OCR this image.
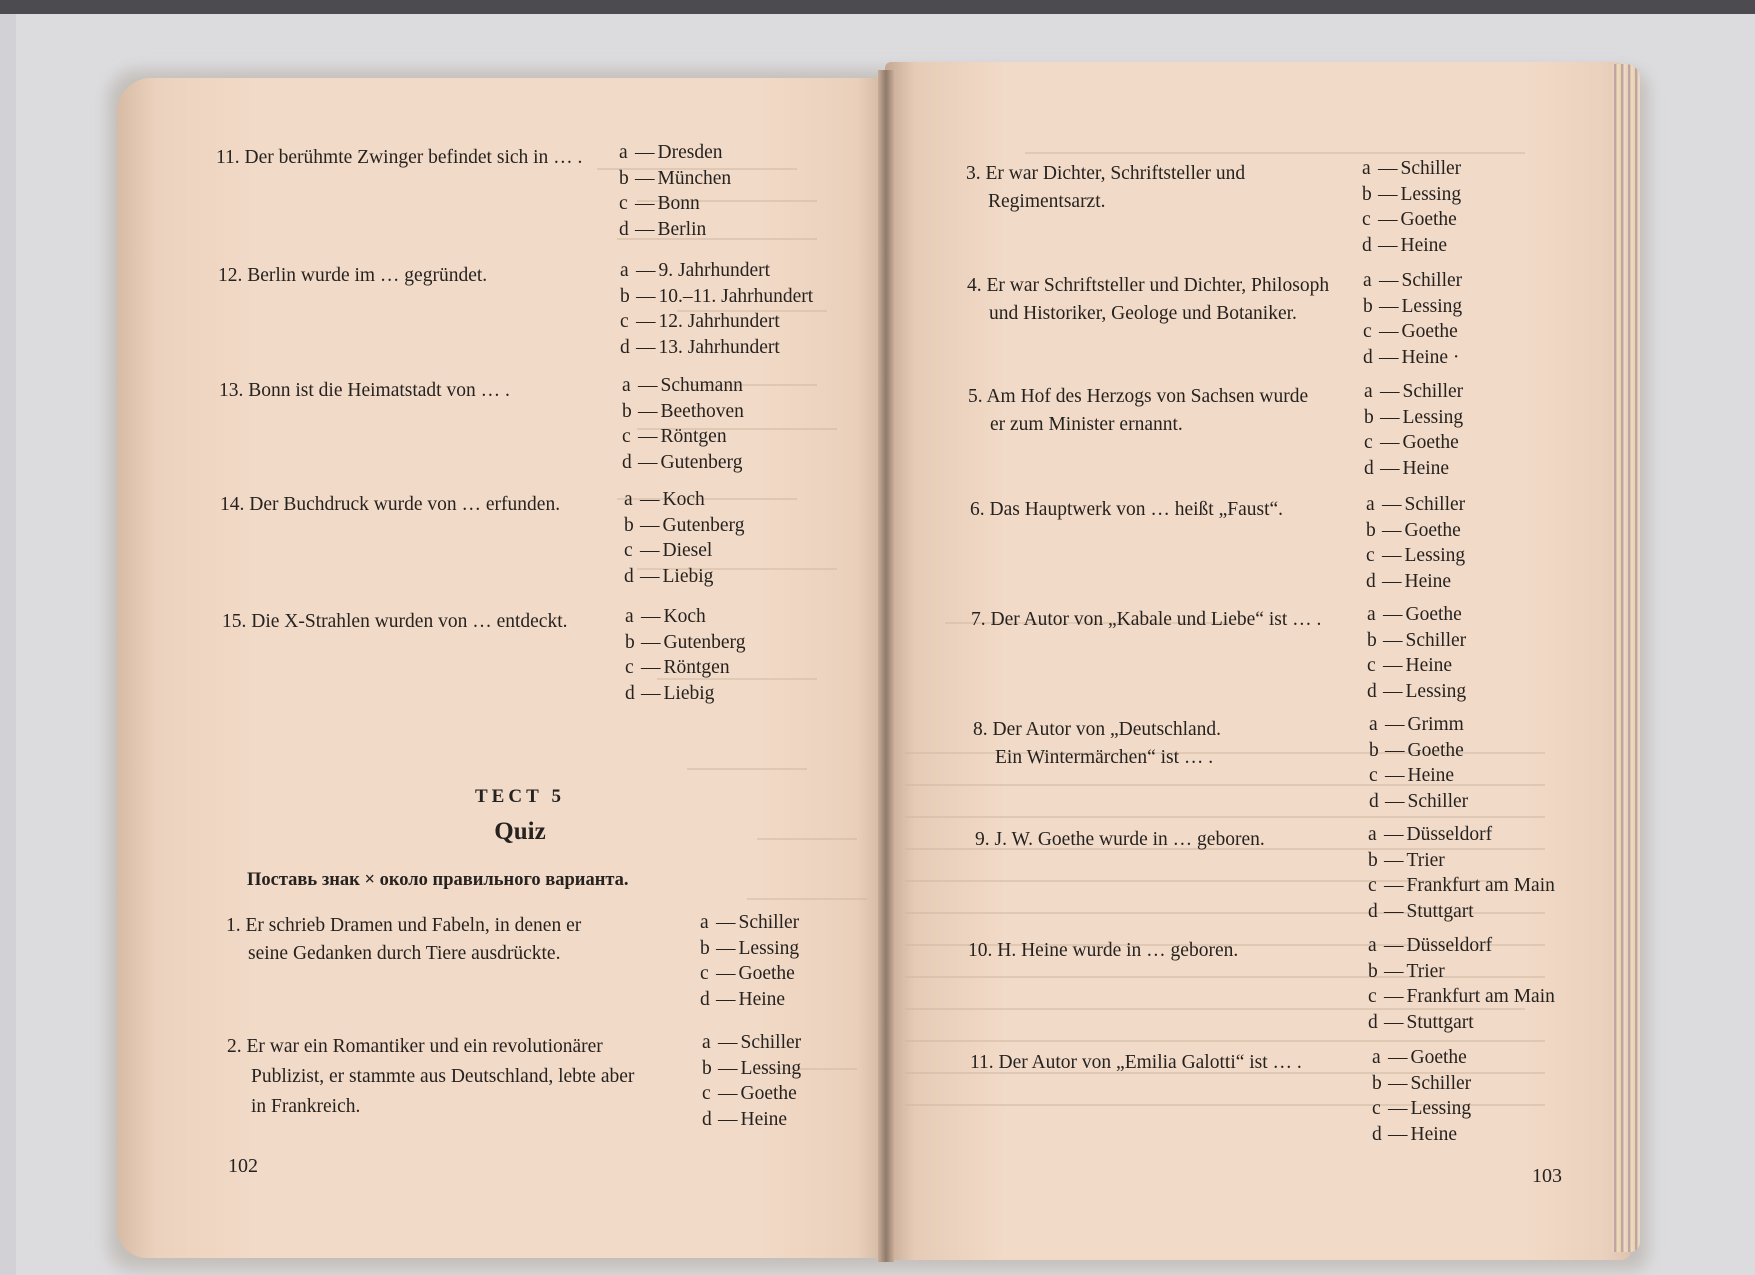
11. Der berühmte Zwinger befindet sich in … . a — Dresden
b — München
c — Bonn
d — Berlin
12. Berlin wurde im … gegründet.	a — 9. Jahrhundert
b — 10.–11. Jahrhundert
c — 12. Jahrhundert
d — 13. Jahrhundert
13. Bonn ist die Heimatstadt von … .	a — Schumann
b — Beethoven
c — Röntgen
d — Gutenberg
14. Der Buchdruck wurde von … erfunden.	a — Koch
b — Gutenberg
c — Diesel
d — Liebig
15. Die X-Strahlen wurden von … entdeckt.	a — Koch
b — Gutenberg
c — Röntgen
d — Liebig
ТЕСТ 5
Quiz
Поставь знак × около правильного варианта.
1. Er schrieb Dramen und Fabeln, in denen er
seine Gedanken durch Tiere ausdrückte.
a — Schiller
b — Lessing
c — Goethe
d — Heine
2. Er war ein Romantiker und ein revolutionärer
Publizist, er stammte aus Deutschland, lebte aber
in Frankreich.
a — Schiller
b — Lessing
c — Goethe
d — Heine
3. Er war Dichter, Schriftsteller und
Regimentsarzt.
a — Schiller
b — Lessing
c — Goethe
d — Heine
4. Er war Schriftsteller und Dichter, Philosoph
und Historiker, Geologe und Botaniker.
a — Schiller
b — Lessing
c — Goethe
d — Heine ·
5. Am Hof des Herzogs von Sachsen wurde
er zum Minister ernannt.
a — Schiller
b — Lessing
c — Goethe
d — Heine
6. Das Hauptwerk von … heißt „Faust“.	a — Schiller
b — Goethe
c — Lessing
d — Heine
7. Der Autor von „Kabale und Liebe“ ist … . a — Goethe
b — Schiller
c — Heine
d — Lessing
8. Der Autor von „Deutschland.
Ein Wintermärchen“ ist … .
a — Grimm
b — Goethe
c — Heine
d — Schiller
9. J. W. Goethe wurde in … geboren.	a — Düsseldorf
b — Trier
c — Frankfurt am Main
d — Stuttgart
10. H. Heine wurde in … geboren.	a — Düsseldorf
b — Trier
c — Frankfurt am Main
d — Stuttgart
11. Der Autor von „Emilia Galotti“ ist … .	a — Goethe
b — Schiller
c — Lessing
d — Heine
102	103
